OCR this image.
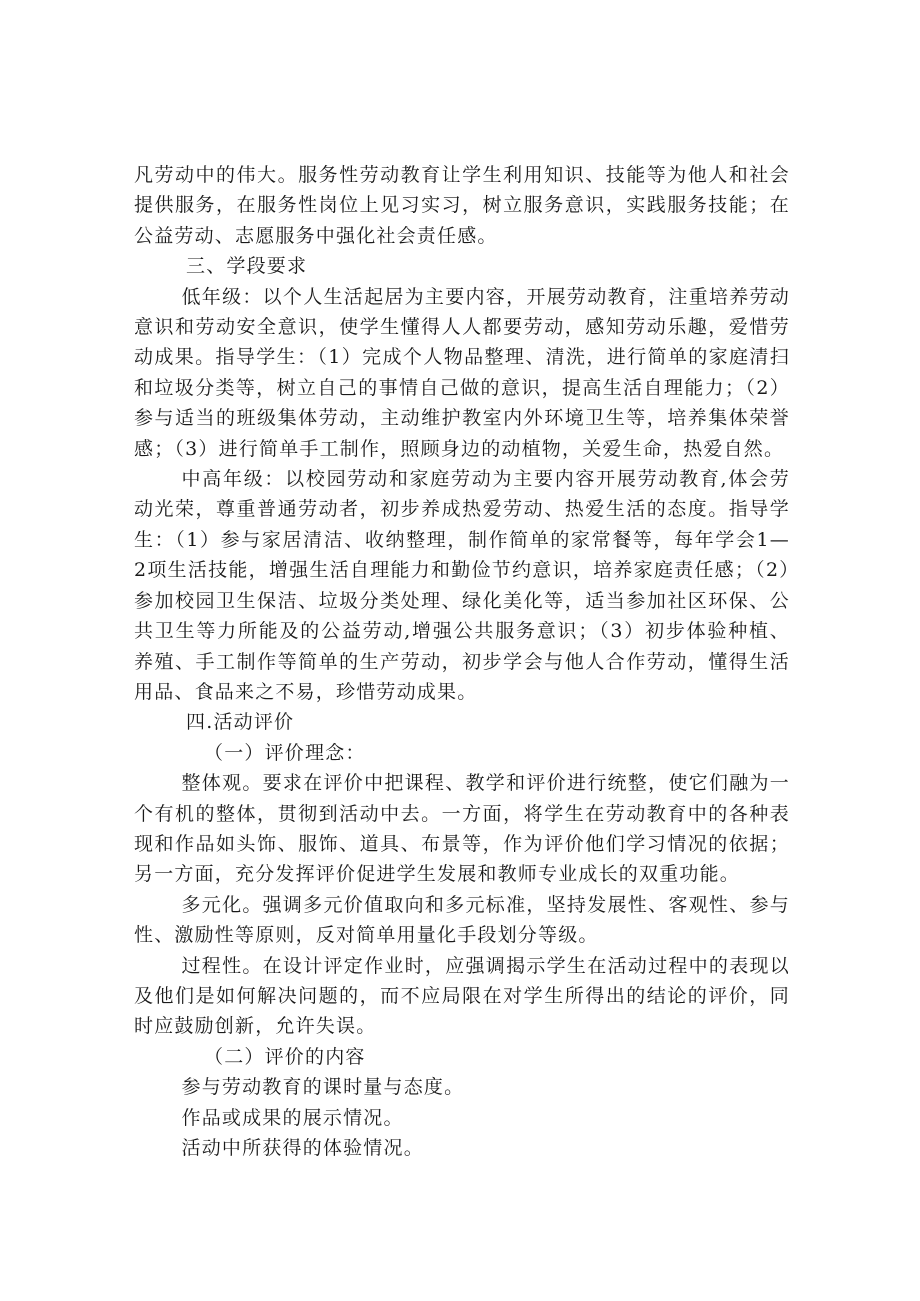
凡劳动中的伟大。服务性劳动教育让学生利用知识、技能等为他人和社会提供服务，在服务性岗位上见习实习，树立服务意识，实践服务技能；在公益劳动、志愿服务中强化社会责任感。

三、学段要求

低年级：以个人生活起居为主要内容，开展劳动教育，注重培养劳动意识和劳动安全意识，使学生懂得人人都要劳动，感知劳动乐趣，爱惜劳动成果。指导学生：（1）完成个人物品整理、清洗，进行简单的家庭清扫和垃圾分类等，树立自己的事情自己做的意识，提高生活自理能力；（2）参与适当的班级集体劳动，主动维护教室内外环境卫生等，培养集体荣誉感；（3）进行简单手工制作，照顾身边的动植物，关爱生命，热爱自然。

中高年级：以校园劳动和家庭劳动为主要内容开展劳动教育,体会劳动光荣，尊重普通劳动者，初步养成热爱劳动、热爱生活的态度。指导学生：（1）参与家居清洁、收纳整理，制作简单的家常餐等，每年学会1—2项生活技能，增强生活自理能力和勤俭节约意识，培养家庭责任感；（2）参加校园卫生保洁、垃圾分类处理、绿化美化等，适当参加社区环保、公共卫生等力所能及的公益劳动,增强公共服务意识；（3）初步体验种植、养殖、手工制作等简单的生产劳动，初步学会与他人合作劳动，懂得生活用品、食品来之不易，珍惜劳动成果。

四.活动评价

（一）评价理念：

整体观。要求在评价中把课程、教学和评价进行统整，使它们融为一个有机的整体，贯彻到活动中去。一方面，将学生在劳动教育中的各种表现和作品如头饰、服饰、道具、布景等，作为评价他们学习情况的依据；另一方面，充分发挥评价促进学生发展和教师专业成长的双重功能。

多元化。强调多元价值取向和多元标准，坚持发展性、客观性、参与性、激励性等原则，反对简单用量化手段划分等级。

过程性。在设计评定作业时，应强调揭示学生在活动过程中的表现以及他们是如何解决问题的，而不应局限在对学生所得出的结论的评价，同时应鼓励创新，允许失误。

（二）评价的内容

参与劳动教育的课时量与态度。

作品或成果的展示情况。

活动中所获得的体验情况。
